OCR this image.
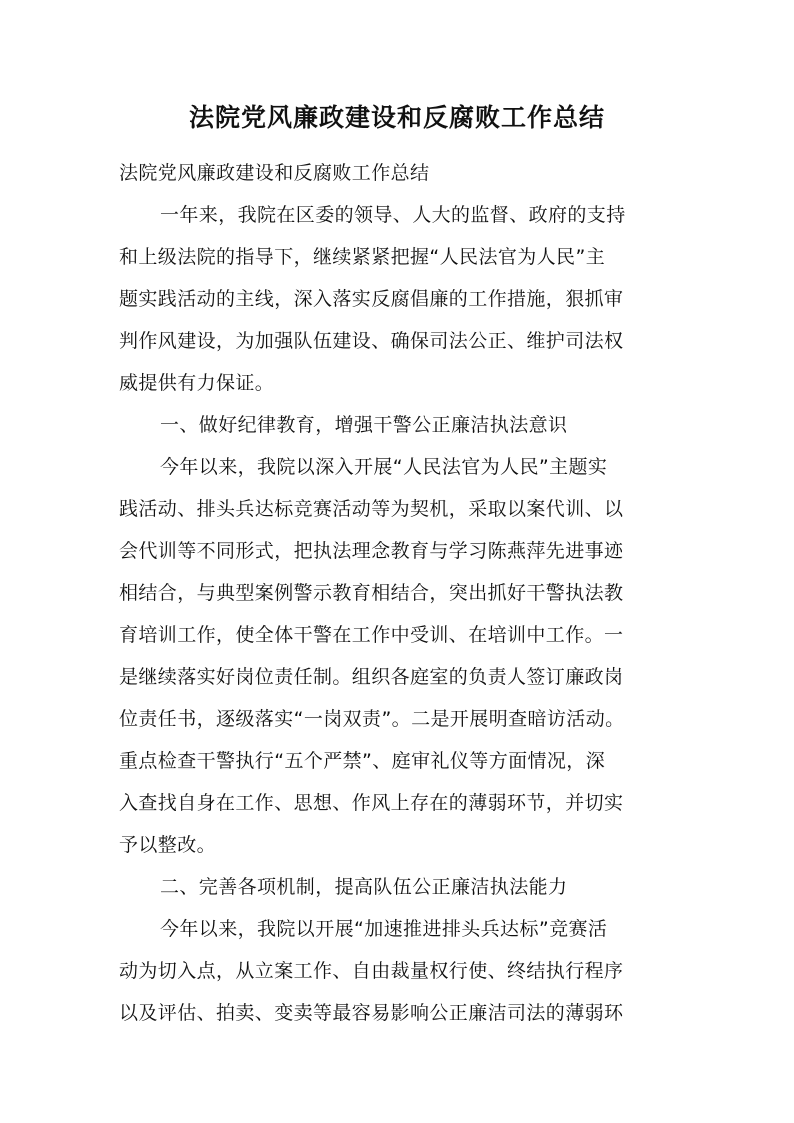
法院党风廉政建设和反腐败工作总结
法院党风廉政建设和反腐败工作总结
一年来，我院在区委的领导、人大的监督、政府的支持
和上级法院的指导下，继续紧紧把握“人民法官为人民”主
题实践活动的主线，深入落实反腐倡廉的工作措施，狠抓审
判作风建设，为加强队伍建设、确保司法公正、维护司法权
威提供有力保证。
一、做好纪律教育，增强干警公正廉洁执法意识
今年以来，我院以深入开展“人民法官为人民”主题实
践活动、排头兵达标竞赛活动等为契机，采取以案代训、以
会代训等不同形式，把执法理念教育与学习陈燕萍先进事迹
相结合，与典型案例警示教育相结合，突出抓好干警执法教
育培训工作，使全体干警在工作中受训、在培训中工作。一
是继续落实好岗位责任制。组织各庭室的负责人签订廉政岗
位责任书，逐级落实“一岗双责”。二是开展明查暗访活动。
重点检查干警执行“五个严禁”、庭审礼仪等方面情况，深
入查找自身在工作、思想、作风上存在的薄弱环节，并切实
予以整改。
二、完善各项机制，提高队伍公正廉洁执法能力
今年以来，我院以开展“加速推进排头兵达标”竞赛活
动为切入点，从立案工作、自由裁量权行使、终结执行程序
以及评估、拍卖、变卖等最容易影响公正廉洁司法的薄弱环
